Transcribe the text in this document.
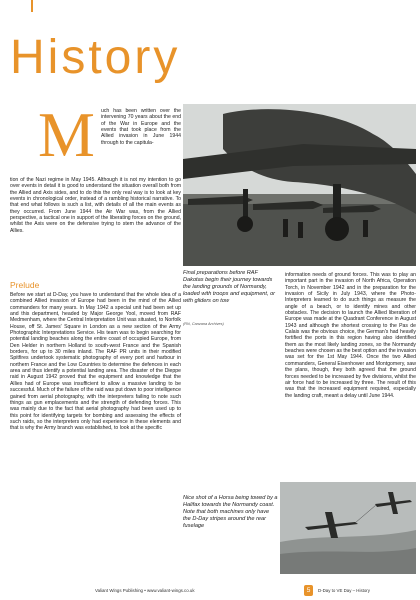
History
M uch has been written over the intervening 70 years about the end of the War in Europe and the events that took place from the Allied invasion in June 1944 through to the capitula-

tion of the Nazi regime in May 1945. Although it is not my intention to go over events in detail it is good to understand the situation overall both from the Allied and Axis sides, and to do this the only real way is to look at key events in chronological order, instead of a rambling historical narrative. To that end what follows is such a list, with details of all the main events as they occurred. From June 1944 the Air War was, from the Allied perspective, a tactical one in support of the liberating forces on the ground, whilst the Axis were on the defensive trying to stem the advance of the Allies.

Prelude

Before we start at D-Day, you have to understand that the whole idea of a combined Allied invasion of Europe had been in the mind of the Allied commanders for many years. In May 1942 a special unit had been set up and this department, headed by Major George Yool, moved from RAF Medmenham, where the Central Interpretation Unit was situated, to Norfolk House, off St. James' Square in London as a new section of the Army Photographic Interpretations Service. His team was to begin searching for potential landing beaches along the entire coast of occupied Europe, from Den Helder in northern Holland to south-west France and the Spanish borders, for up to 30 miles inland. The RAF PR units in their modified Spitfires undertook systematic photography of every port and harbour in northern France and the Low Countries to determine the defences in each area and thus identify a potential landing area. The disaster of the Dieppe raid in August 1942 proved that the equipment and knowledge that the Allies had of Europe was insufficient to allow a massive landing to be successful. Much of the failure of the raid was put down to poor intelligence gained from aerial photography, with the interpreters failing to note such things as gun emplacements and the strength of defending forces. This was mainly due to the fact that aerial photography had been used up to this point for identifying targets for bombing and assessing the effects of such raids, so the interpreters only had experience in these elements and that is why the Army branch was established, to look at the specific

Final preparations before RAF Dakotas begin their journey towards the landing grounds of Normandy, loaded with troops and equipment, or with gliders on tow
(RN, Canzana Archives)

information needs of ground forces. This was to play an important part in the invasion of North Africa, Operation Torch, in November 1942 and in the preparation for the invasion of Sicily in July 1943, where the Photo-Interpreters learned to do such things as measure the angle of a beach, or to identify mines and other obstacles. The decision to launch the Allied liberation of Europe was made at the Quadrant Conference in August 1943 and although the shortest crossing to the Pas de Calais was the obvious choice, the German's had heavily fortified the ports in this region having also identified them as the most likely landing zones, so the Normandy beaches were chosen as the best option and the invasion was set for the 1st May 1944. Once the two Allied commanders, General Eisenhower and Montgomery, saw the plans, though, they both agreed that the ground forces needed to be increased by five divisions, whilst the air force had to be increased by three. The result of this was that the increased equipment required, especially the landing craft, meant a delay until June 1944.

Nice shot of a Horsa being towed by a Halifax towards the Normandy coast. Note that both machines only have the D-Day stripes around the rear fuselage
Valiant Wings Publishing • www.valiant-wings.co.uk	5	D-Day to VE Day – History
